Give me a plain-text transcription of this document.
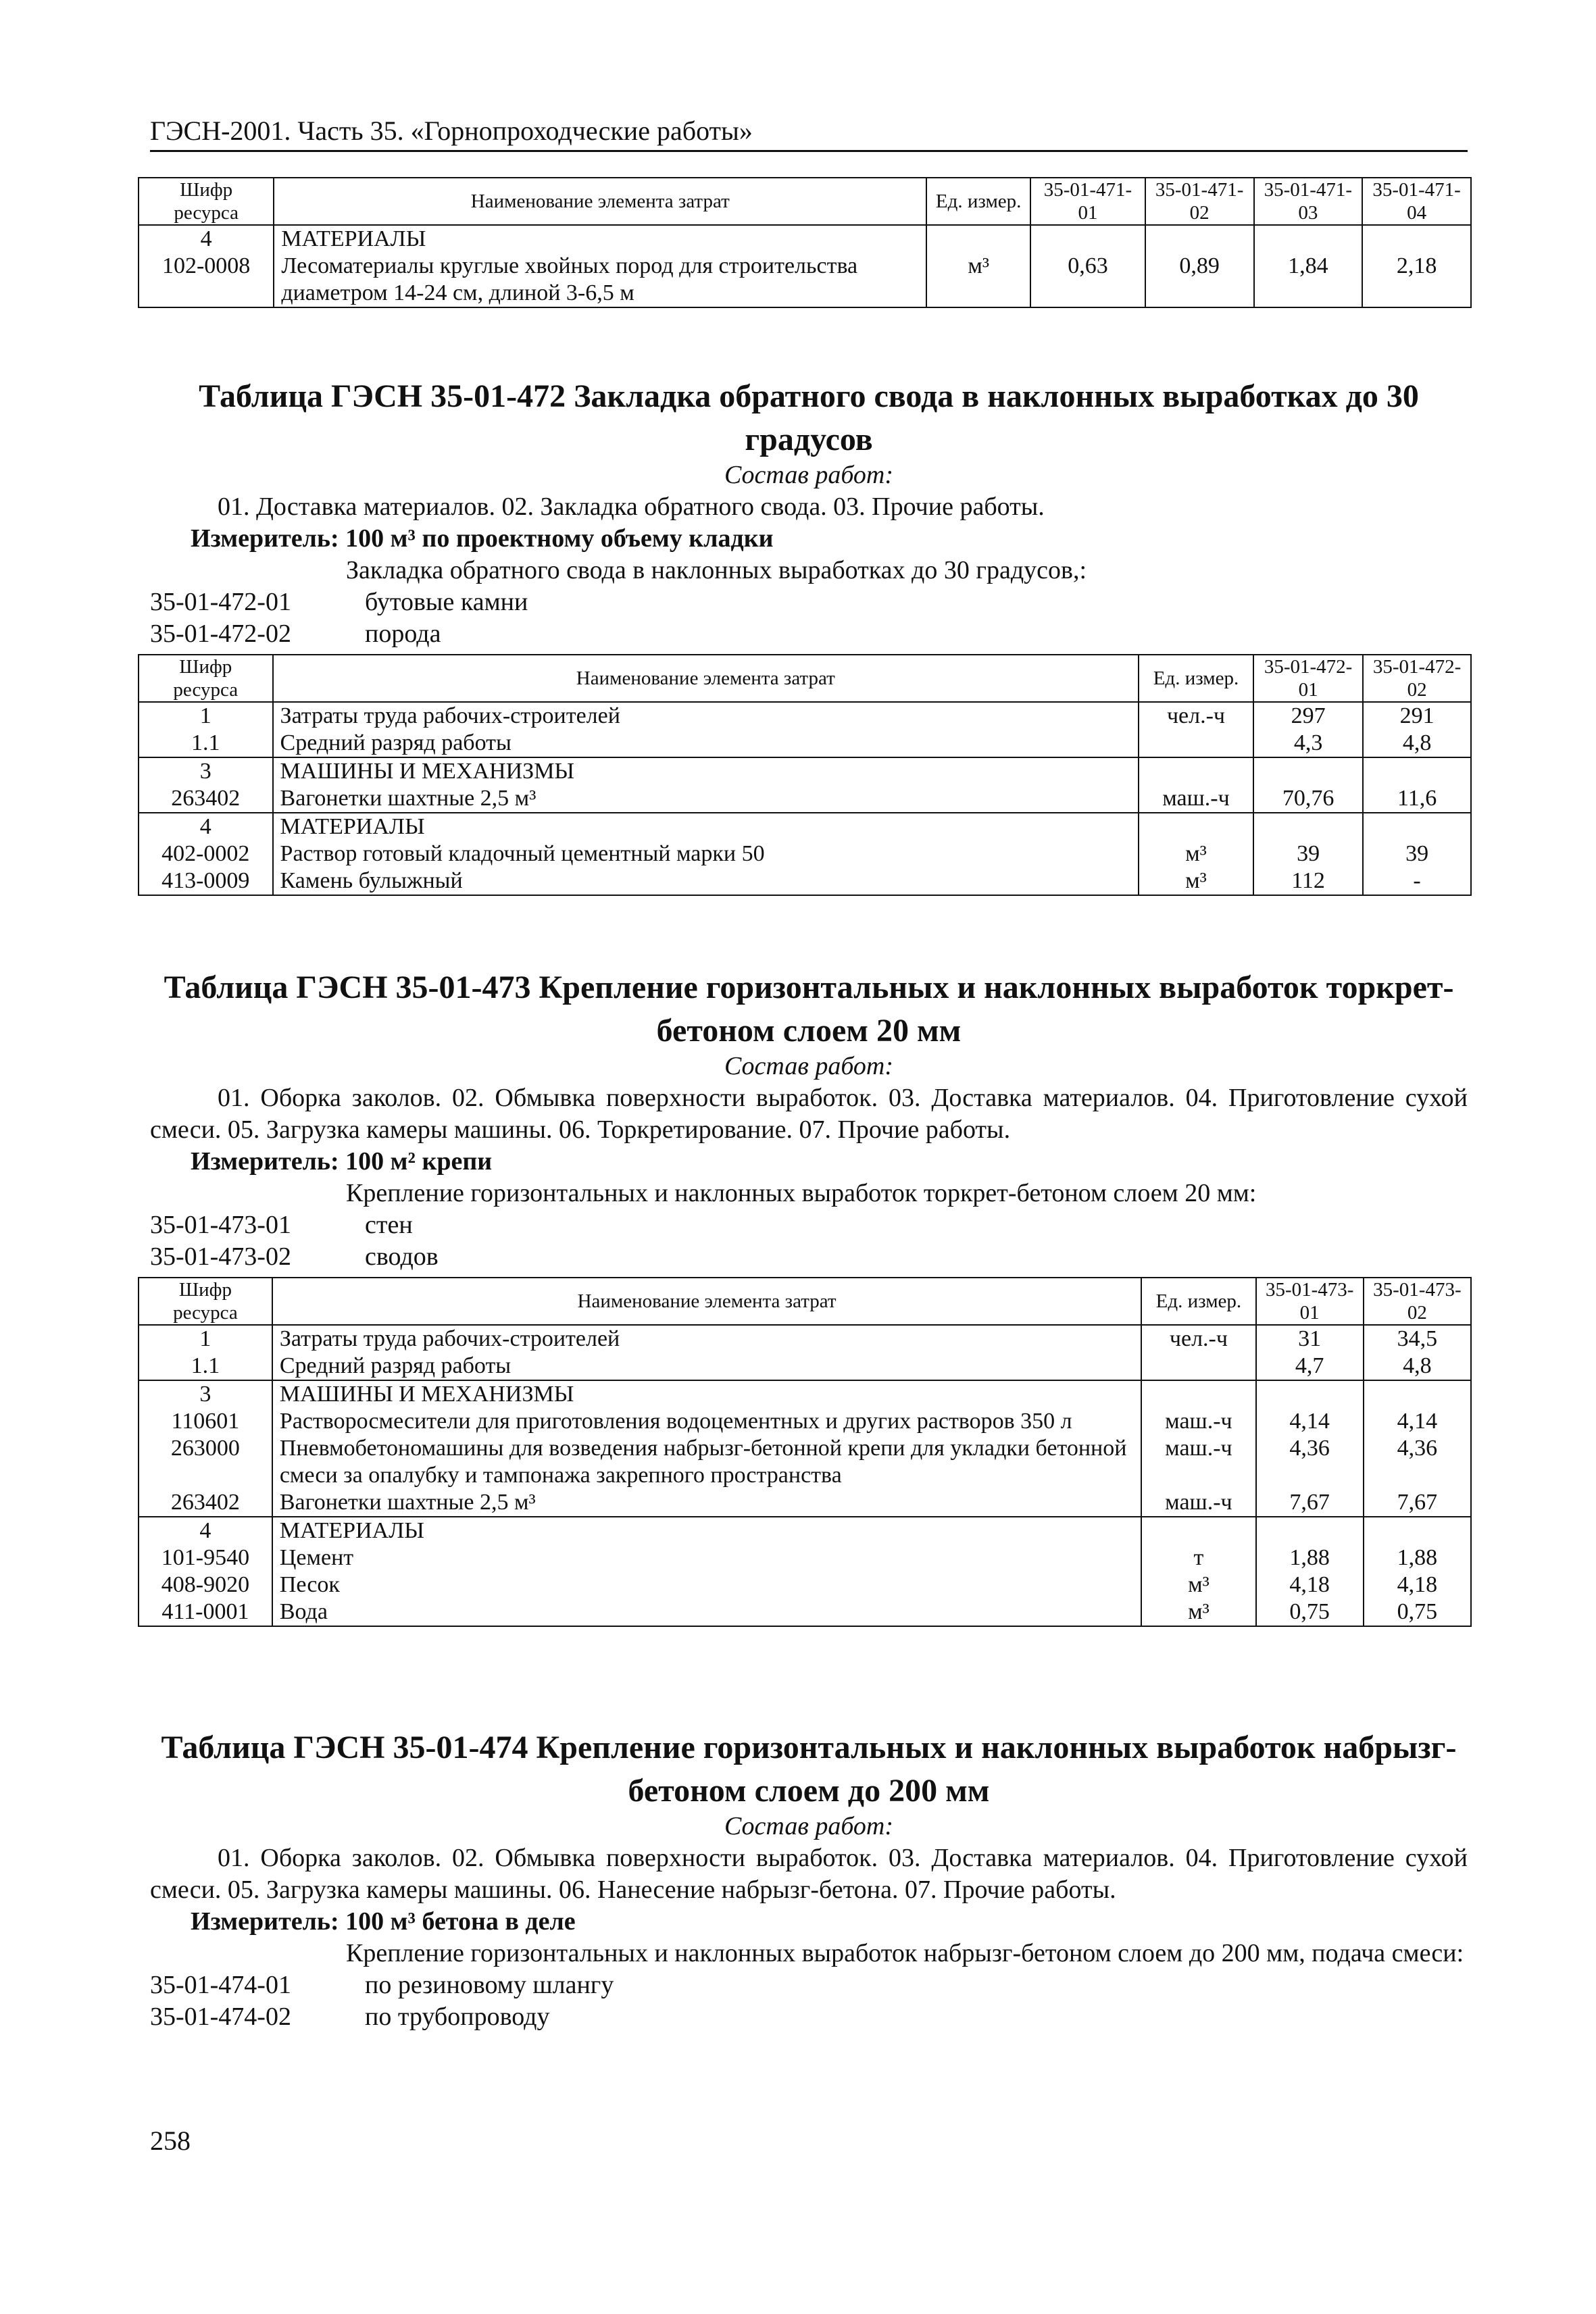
ГЭСН-2001. Часть 35. «Горнопроходческие работы»
Шифр ресурса	Наименование элемента затрат	Ед. измер.	35-01-471-01	35-01-471-02	35-01-471-03	35-01-471-04
4	МАТЕРИАЛЫ					
102-0008	Лесоматериалы круглые хвойных пород для строительства диаметром 14-24 см, длиной 3-6,5 м	м³	0,63	0,89	1,84	2,18
Таблица ГЭСН 35-01-472 Закладка обратного свода в наклонных выработках до 30 градусов
Состав работ:
01. Доставка материалов. 02. Закладка обратного свода. 03. Прочие работы.
Измеритель: 100 м³ по проектному объему кладки
Закладка обратного свода в наклонных выработках до 30 градусов,:
35-01-472-01	бутовые камни
35-01-472-02	порода
Шифр ресурса	Наименование элемента затрат	Ед. измер.	35-01-472-01	35-01-472-02
1	Затраты труда рабочих-строителей	чел.-ч	297	291
1.1	Средний разряд работы		4,3	4,8
3	МАШИНЫ И МЕХАНИЗМЫ			
263402	Вагонетки шахтные 2,5 м³	маш.-ч	70,76	11,6
4	МАТЕРИАЛЫ			
402-0002	Раствор готовый кладочный цементный марки 50	м³	39	39
413-0009	Камень булыжный	м³	112	-
Таблица ГЭСН 35-01-473 Крепление горизонтальных и наклонных выработок торкрет-бетоном слоем 20 мм
Состав работ:
01. Оборка заколов. 02. Обмывка поверхности выработок. 03. Доставка материалов. 04. Приготовление сухой смеси. 05. Загрузка камеры машины. 06. Торкретирование. 07. Прочие работы.
Измеритель: 100 м² крепи
Крепление горизонтальных и наклонных выработок торкрет-бетоном слоем 20 мм:
35-01-473-01	стен
35-01-473-02	сводов
Шифр ресурса	Наименование элемента затрат	Ед. измер.	35-01-473-01	35-01-473-02
1	Затраты труда рабочих-строителей	чел.-ч	31	34,5
1.1	Средний разряд работы		4,7	4,8
3	МАШИНЫ И МЕХАНИЗМЫ			
110601	Растворосмесители для приготовления водоцементных и других растворов 350 л	маш.-ч	4,14	4,14
263000	Пневмобетономашины для возведения набрызг-бетонной крепи для укладки бетонной смеси за опалубку и тампонажа закрепного пространства	маш.-ч	4,36	4,36
263402	Вагонетки шахтные 2,5 м³	маш.-ч	7,67	7,67
4	МАТЕРИАЛЫ			
101-9540	Цемент	т	1,88	1,88
408-9020	Песок	м³	4,18	4,18
411-0001	Вода	м³	0,75	0,75
Таблица ГЭСН 35-01-474 Крепление горизонтальных и наклонных выработок набрызг-бетоном слоем до 200 мм
Состав работ:
01. Оборка заколов. 02. Обмывка поверхности выработок. 03. Доставка материалов. 04. Приготовление сухой смеси. 05. Загрузка камеры машины. 06. Нанесение набрызг-бетона. 07. Прочие работы.
Измеритель: 100 м³ бетона в деле
Крепление горизонтальных и наклонных выработок набрызг-бетоном слоем до 200 мм, подача смеси:
35-01-474-01	по резиновому шлангу
35-01-474-02	по трубопроводу
258
